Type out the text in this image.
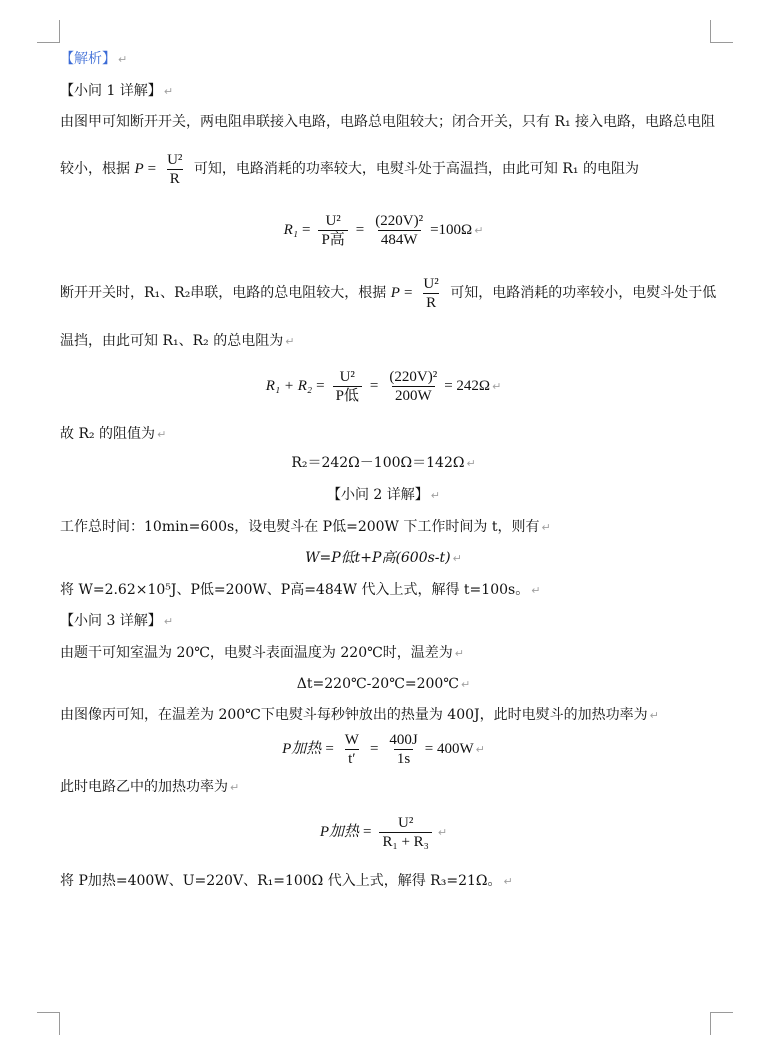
【解析】 ↵
【小问 1 详解】 ↵
由图甲可知断开开关，两电阻串联接入电路，电路总电阻较大；闭合开关，只有 R₁ 接入电路，电路总电阻
较小，根据 $P = \frac{\text{U²}}{R}$ 可知，电路消耗的功率较大，电熨斗处于高温挡，由此可知 R₁ 的电阻为
$R_1 = \frac{\text{U²}}{\text{P高}} = \frac{\text{(220V)²}}{484W} =100\Omega$ ↵
断开开关时，R₁、R₂串联，电路的总电阻较大，根据 $P = \frac{\text{U²}}{R}$ 可知，电路消耗的功率较小，电熨斗处于低
温挡，由此可知 R₁、R₂ 的总电阻为 ↵
$R_1 + R_2 = \frac{\text{U²}}{\text{P低}} = \frac{\text{(220V)²}}{200W} = 242\Omega$ ↵
故 R₂ 的阻值为 ↵
R₂＝242Ω－100Ω＝142Ω ↵
【小问 2 详解】 ↵
工作总时间：10min=600s，设电熨斗在 P低=200W 下工作时间为 t，则有 ↵
W=P低t+P高(600s-t) ↵
将 W=2.62×10⁵J、P低=200W、P高=484W 代入上式，解得 t=100s。 ↵
【小问 3 详解】 ↵
由题干可知室温为 20℃，电熨斗表面温度为 220℃时，温差为 ↵
Δt=220℃-20℃=200℃ ↵
由图像丙可知，在温差为 200℃下电熨斗每秒钟放出的热量为 400J，此时电熨斗的加热功率为 ↵
P加热 = $\frac{W}{t'} = \frac{400J}{1s} = 400W$ ↵
此时电路乙中的加热功率为 ↵
P加热 = $\frac{\text{U²}}{\text{R₁ + R₃}}$ ↵
将 P加热=400W、U=220V、R₁=100Ω 代入上式，解得 R₃=21Ω。 ↵
